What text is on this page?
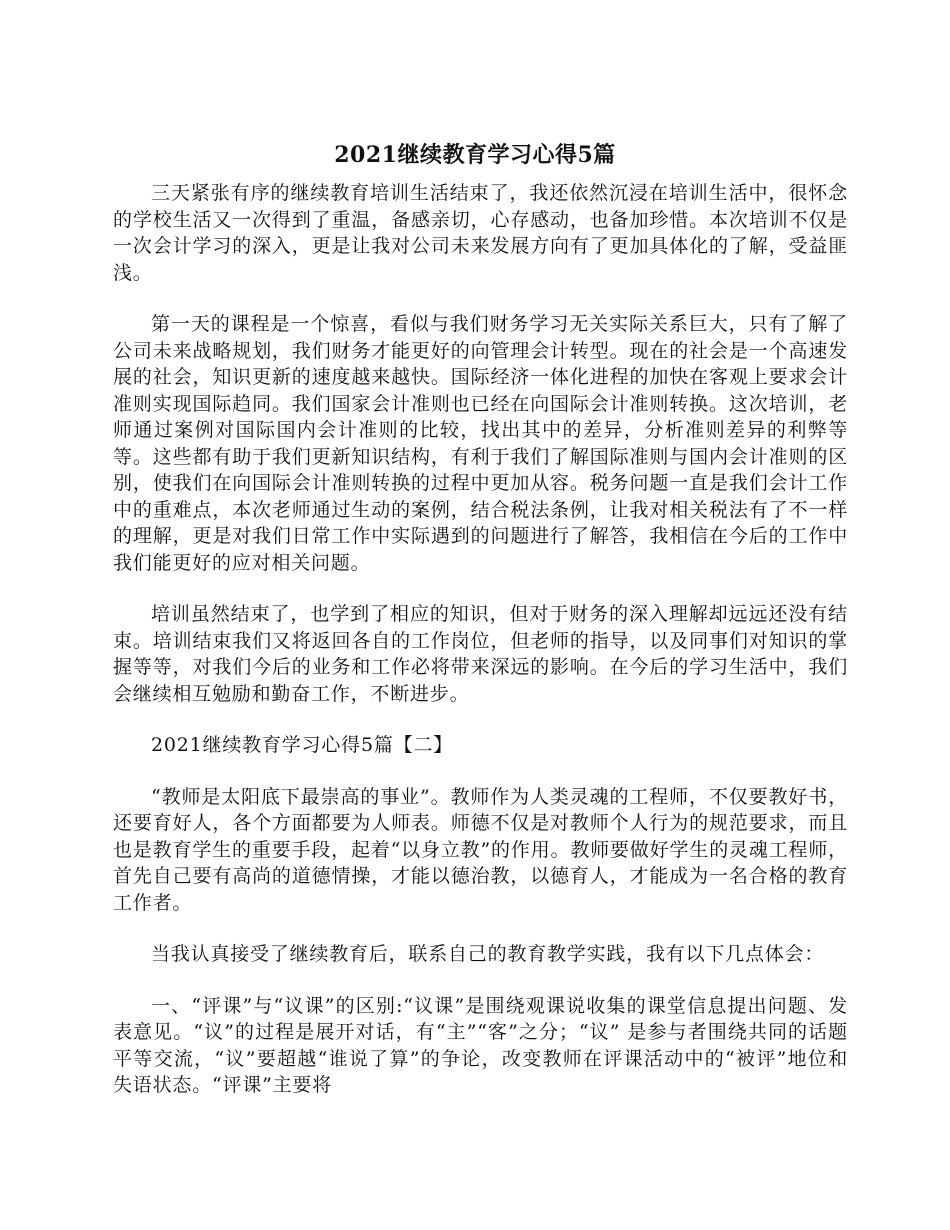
2021继续教育学习心得5篇

三天紧张有序的继续教育培训生活结束了，我还依然沉浸在培训生活中，很怀念的学校生活又一次得到了重温，备感亲切，心存感动，也备加珍惜。本次培训不仅是一次会计学习的深入，更是让我对公司未来发展方向有了更加具体化的了解，受益匪浅。

第一天的课程是一个惊喜，看似与我们财务学习无关实际关系巨大，只有了解了公司未来战略规划，我们财务才能更好的向管理会计转型。现在的社会是一个高速发展的社会，知识更新的速度越来越快。国际经济一体化进程的加快在客观上要求会计准则实现国际趋同。我们国家会计准则也已经在向国际会计准则转换。这次培训，老师通过案例对国际国内会计准则的比较，找出其中的差异，分析准则差异的利弊等等。这些都有助于我们更新知识结构，有利于我们了解国际准则与国内会计准则的区别，使我们在向国际会计准则转换的过程中更加从容。税务问题一直是我们会计工作中的重难点，本次老师通过生动的案例，结合税法条例，让我对相关税法有了不一样的理解，更是对我们日常工作中实际遇到的问题进行了解答，我相信在今后的工作中我们能更好的应对相关问题。

培训虽然结束了，也学到了相应的知识，但对于财务的深入理解却远远还没有结束。培训结束我们又将返回各自的工作岗位，但老师的指导，以及同事们对知识的掌握等等，对我们今后的业务和工作必将带来深远的影响。在今后的学习生活中，我们会继续相互勉励和勤奋工作，不断进步。

2021继续教育学习心得5篇【二】

“教师是太阳底下最崇高的事业”。教师作为人类灵魂的工程师，不仅要教好书，还要育好人，各个方面都要为人师表。师德不仅是对教师个人行为的规范要求，而且也是教育学生的重要手段，起着“以身立教”的作用。教师要做好学生的灵魂工程师，首先自己要有高尚的道德情操，才能以德治教，以德育人，才能成为一名合格的教育工作者。

当我认真接受了继续教育后，联系自己的教育教学实践，我有以下几点体会：

一、“评课”与“议课”的区别:“议课”是围绕观课说收集的课堂信息提出问题、发表意见。“议”的过程是展开对话，有“主”“客”之分；“议” 是参与者围绕共同的话题平等交流，“议”要超越“谁说了算”的争论，改变教师在评课活动中的“被评”地位和失语状态。“评课”主要将
